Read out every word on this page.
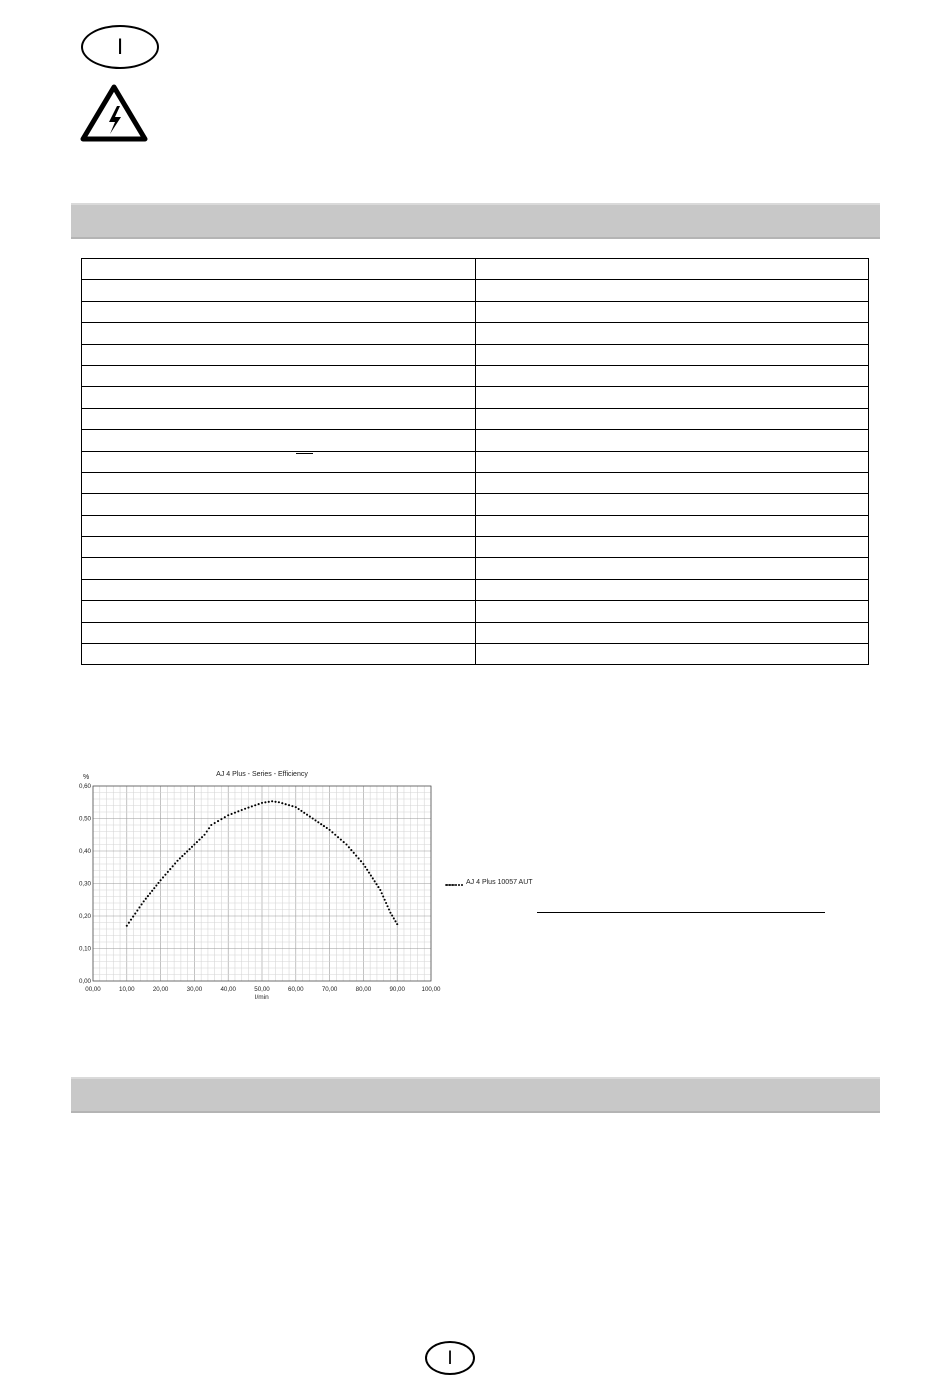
I

AJ 4 Plus - Series - Efficiency
%
l/min
00,00	10,00	20,00	30,00	40,00	50,00	60,00	70,00	80,00	90,00	100,00
0,00
0,10
0,20
0,30
0,40
0,50
0,60
I
AJ 4 Plus 10057 AUT
